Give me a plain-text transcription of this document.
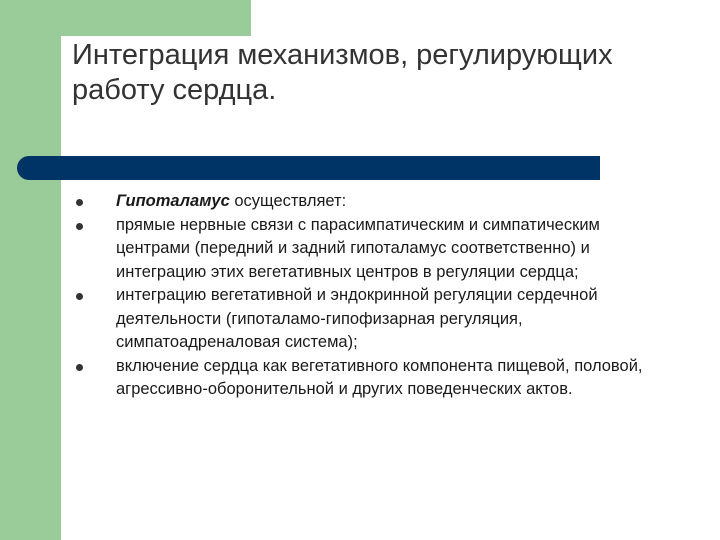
Интеграция механизмов, регулирующих работу сердца.
Гипоталамус осуществляет:
прямые нервные связи с парасимпатическим и симпатическим центрами (передний и задний гипоталамус соответственно) и интеграцию этих вегетативных центров в регуляции сердца;
интеграцию вегетативной и эндокринной регуляции сердечной деятельности (гипоталамо-гипофизарная регуляция, симпатоадреналовая система);
включение сердца как вегетативного компонента пищевой, половой, агрессивно-оборонительной и других поведенческих актов.
